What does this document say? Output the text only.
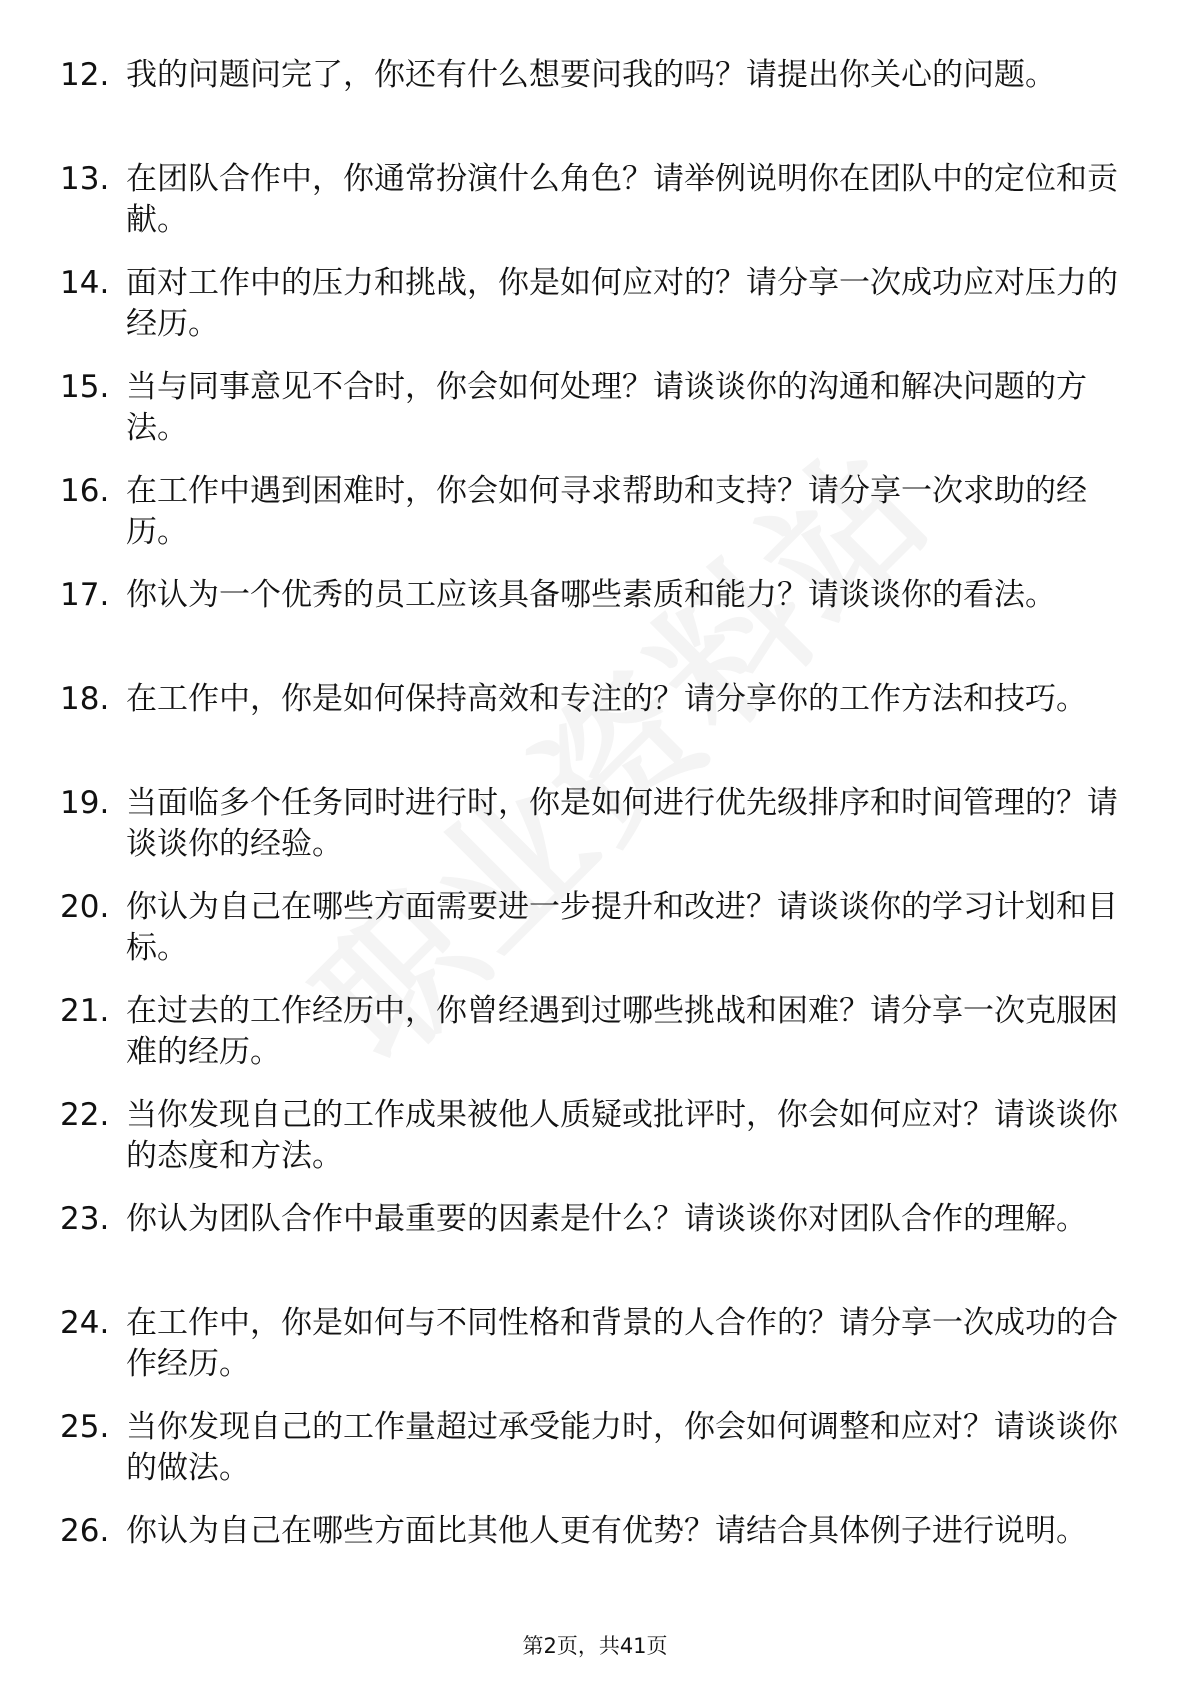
12. 我的问题问完了，你还有什么想要问我的吗？请提出你关心的问题。
13. 在团队合作中，你通常扮演什么角色？请举例说明你在团队中的定位和贡献。
14. 面对工作中的压力和挑战，你是如何应对的？请分享一次成功应对压力的经历。
15. 当与同事意见不合时，你会如何处理？请谈谈你的沟通和解决问题的方法。
16. 在工作中遇到困难时，你会如何寻求帮助和支持？请分享一次求助的经历。
17. 你认为一个优秀的员工应该具备哪些素质和能力？请谈谈你的看法。
18. 在工作中，你是如何保持高效和专注的？请分享你的工作方法和技巧。
19. 当面临多个任务同时进行时，你是如何进行优先级排序和时间管理的？请谈谈你的经验。
20. 你认为自己在哪些方面需要进一步提升和改进？请谈谈你的学习计划和目标。
21. 在过去的工作经历中，你曾经遇到过哪些挑战和困难？请分享一次克服困难的经历。
22. 当你发现自己的工作成果被他人质疑或批评时，你会如何应对？请谈谈你的态度和方法。
23. 你认为团队合作中最重要的因素是什么？请谈谈你对团队合作的理解。
24. 在工作中，你是如何与不同性格和背景的人合作的？请分享一次成功的合作经历。
25. 当你发现自己的工作量超过承受能力时，你会如何调整和应对？请谈谈你的做法。
26. 你认为自己在哪些方面比其他人更有优势？请结合具体例子进行说明。
第2页，共41页
